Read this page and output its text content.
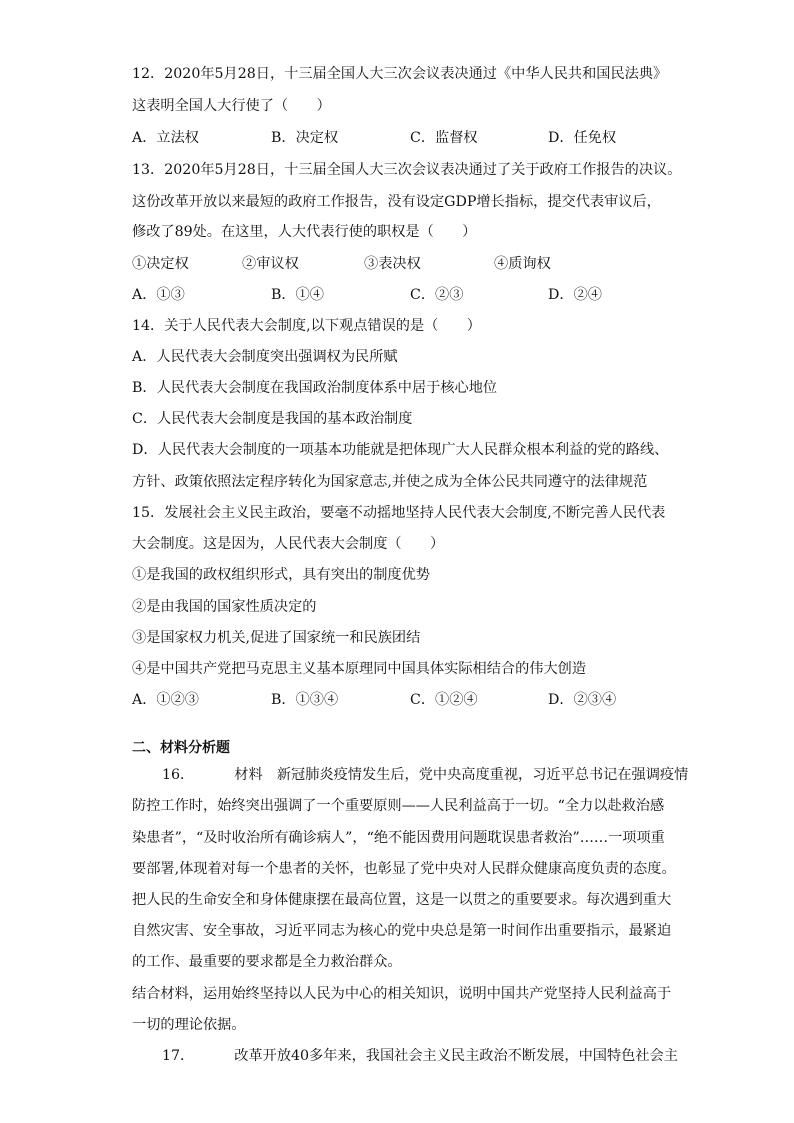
12．2020年5月28日，十三届全国人大三次会议表决通过《中华人民共和国民法典》
这表明全国人大行使了（　　）
A．立法权	B．决定权	C．监督权	D．任免权
13．2020年5月28日，十三届全国人大三次会议表决通过了关于政府工作报告的决议。
这份改革开放以来最短的政府工作报告，没有设定GDP增长指标，提交代表审议后，
修改了89处。在这里，人大代表行使的职权是（　　）
①决定权	②审议权	③表决权	④质询权
A．①③	B．①④	C．②③	D．②④
14．关于人民代表大会制度,以下观点错误的是（　　）
A．人民代表大会制度突出强调权为民所赋
B．人民代表大会制度在我国政治制度体系中居于核心地位
C．人民代表大会制度是我国的基本政治制度
D．人民代表大会制度的一项基本功能就是把体现广大人民群众根本利益的党的路线、
方针、政策依照法定程序转化为国家意志,并使之成为全体公民共同遵守的法律规范
15．发展社会主义民主政治，要毫不动摇地坚持人民代表大会制度,不断完善人民代表
大会制度。这是因为，人民代表大会制度（　　）
①是我国的政权组织形式，具有突出的制度优势
②是由我国的国家性质决定的
③是国家权力机关,促进了国家统一和民族团结
④是中国共产党把马克思主义基本原理同中国具体实际相结合的伟大创造
A．①②③	B．①③④	C．①②④	D．②③④
二、材料分析题
16．	材料　新冠肺炎疫情发生后，党中央高度重视，习近平总书记在强调疫情
防控工作时，始终突出强调了一个重要原则——人民利益高于一切。“全力以赴救治感
染患者”，“及时收治所有确诊病人”，“绝不能因费用问题耽误患者救治”……一项项重
要部署,体现着对每一个患者的关怀，也彰显了党中央对人民群众健康高度负责的态度。
把人民的生命安全和身体健康摆在最高位置，这是一以贯之的重要要求。每次遇到重大
自然灾害、安全事故，习近平同志为核心的党中央总是第一时间作出重要指示，最紧迫
的工作、最重要的要求都是全力救治群众。
结合材料，运用始终坚持以人民为中心的相关知识，说明中国共产党坚持人民利益高于
一切的理论依据。
17．	改革开放40多年来，我国社会主义民主政治不断发展，中国特色社会主
